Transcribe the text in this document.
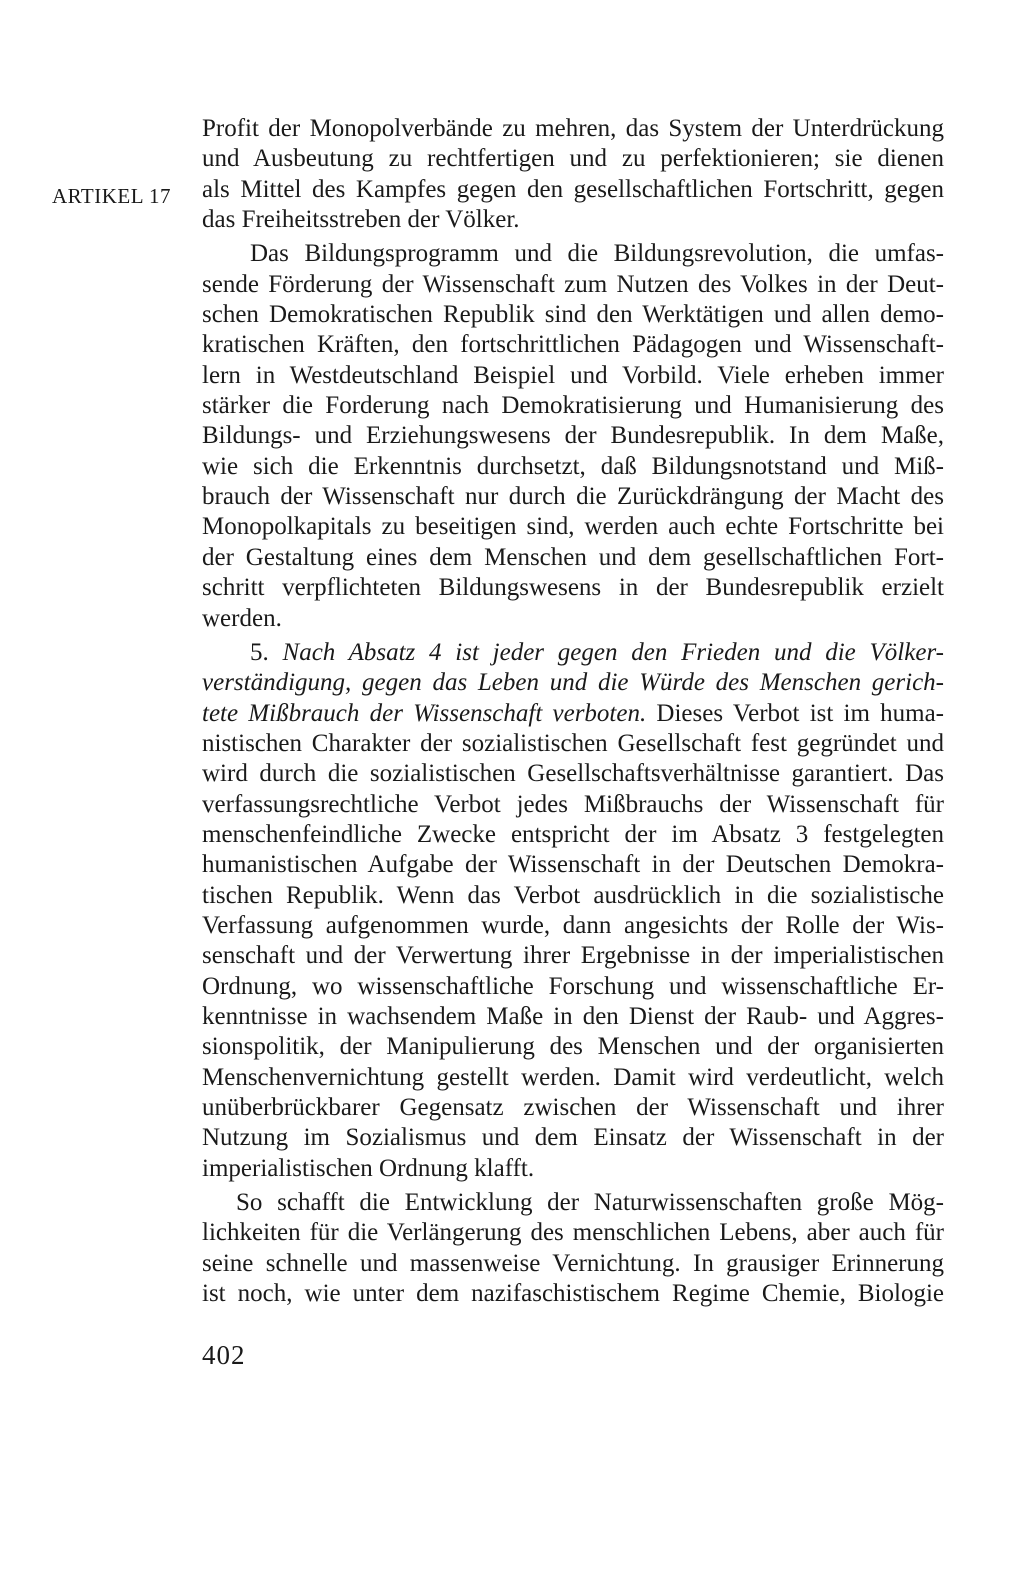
ARTIKEL 17
Profit der Monopolverbände zu mehren, das System der Unterdrückung
und Ausbeutung zu rechtfertigen und zu perfektionieren; sie dienen
als Mittel des Kampfes gegen den gesellschaftlichen Fortschritt, gegen
das Freiheitsstreben der Völker.
Das Bildungsprogramm und die Bildungsrevolution, die umfas-
sende Förderung der Wissenschaft zum Nutzen des Volkes in der Deut-
schen Demokratischen Republik sind den Werktätigen und allen demo-
kratischen Kräften, den fortschrittlichen Pädagogen und Wissenschaft-
lern in Westdeutschland Beispiel und Vorbild. Viele erheben immer
stärker die Forderung nach Demokratisierung und Humanisierung des
Bildungs- und Erziehungswesens der Bundesrepublik. In dem Maße,
wie sich die Erkenntnis durchsetzt, daß Bildungsnotstand und Miß-
brauch der Wissenschaft nur durch die Zurückdrängung der Macht des
Monopolkapitals zu beseitigen sind, werden auch echte Fortschritte bei
der Gestaltung eines dem Menschen und dem gesellschaftlichen Fort-
schritt verpflichteten Bildungswesens in der Bundesrepublik erzielt
werden.
5. Nach Absatz 4 ist jeder gegen den Frieden und die Völker-
verständigung, gegen das Leben und die Würde des Menschen gerich-
tete Mißbrauch der Wissenschaft verboten. Dieses Verbot ist im huma-
nistischen Charakter der sozialistischen Gesellschaft fest gegründet und
wird durch die sozialistischen Gesellschaftsverhältnisse garantiert. Das
verfassungsrechtliche Verbot jedes Mißbrauchs der Wissenschaft für
menschenfeindliche Zwecke entspricht der im Absatz 3 festgelegten
humanistischen Aufgabe der Wissenschaft in der Deutschen Demokra-
tischen Republik. Wenn das Verbot ausdrücklich in die sozialistische
Verfassung aufgenommen wurde, dann angesichts der Rolle der Wis-
senschaft und der Verwertung ihrer Ergebnisse in der imperialistischen
Ordnung, wo wissenschaftliche Forschung und wissenschaftliche Er-
kenntnisse in wachsendem Maße in den Dienst der Raub- und Aggres-
sionspolitik, der Manipulierung des Menschen und der organisierten
Menschenvernichtung gestellt werden. Damit wird verdeutlicht, welch
unüberbrückbarer Gegensatz zwischen der Wissenschaft und ihrer
Nutzung im Sozialismus und dem Einsatz der Wissenschaft in der
imperialistischen Ordnung klafft.
So schafft die Entwicklung der Naturwissenschaften große Mög-
lichkeiten für die Verlängerung des menschlichen Lebens, aber auch für
seine schnelle und massenweise Vernichtung. In grausiger Erinnerung
ist noch, wie unter dem nazifaschistischem Regime Chemie, Biologie
402
